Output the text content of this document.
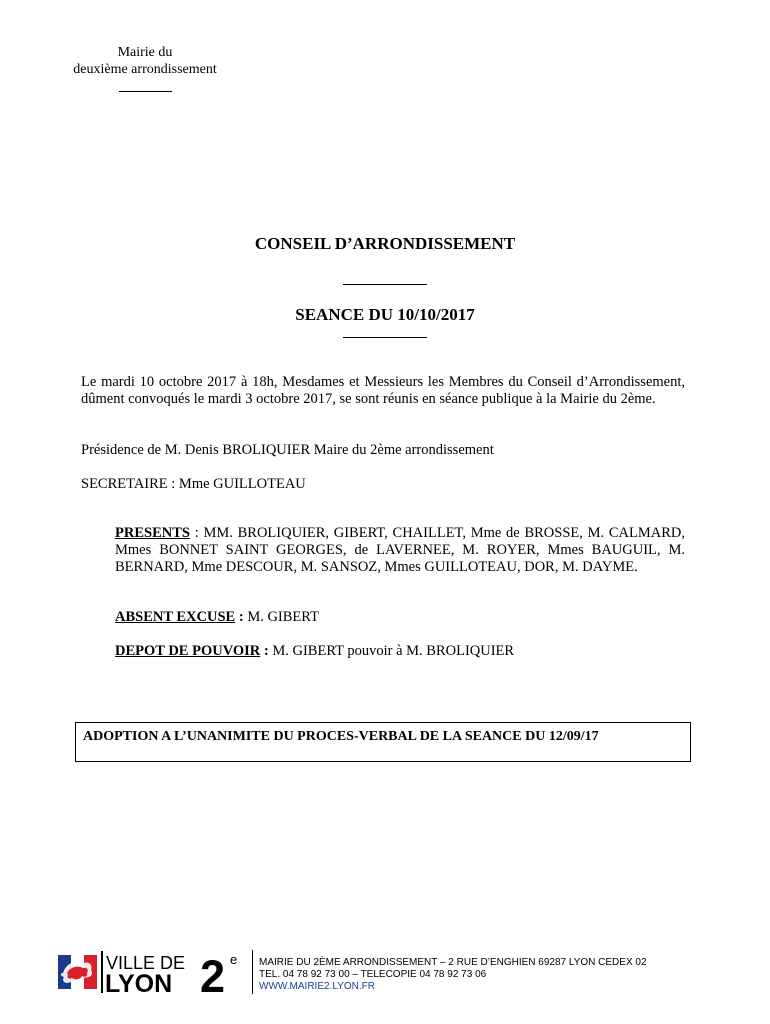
Mairie du
deuxième arrondissement
CONSEIL D’ARRONDISSEMENT
SEANCE DU 10/10/2017
Le mardi 10 octobre 2017 à 18h, Mesdames et Messieurs les Membres du Conseil d’Arrondissement, dûment convoqués le mardi 3 octobre 2017, se sont réunis en séance publique à la Mairie du 2ème.
Présidence de M. Denis BROLIQUIER Maire du 2ème arrondissement
SECRETAIRE : Mme GUILLOTEAU
PRESENTS : MM. BROLIQUIER, GIBERT, CHAILLET, Mme de BROSSE, M. CALMARD, Mmes BONNET SAINT GEORGES, de LAVERNEE, M. ROYER, Mmes BAUGUIL, M. BERNARD, Mme DESCOUR, M. SANSOZ, Mmes GUILLOTEAU, DOR, M. DAYME.
ABSENT EXCUSE : M. GIBERT
DEPOT DE POUVOIR : M. GIBERT pouvoir à M. BROLIQUIER
ADOPTION A L’UNANIMITE DU PROCES-VERBAL DE LA SEANCE DU 12/09/17
VILLE DE
LYON 2 e MAIRIE DU 2ÈME ARRONDISSEMENT – 2 RUE D’ENGHIEN 69287 LYON CEDEX 02
TEL. 04 78 92 73 00 – TELECOPIE 04 78 92 73 06
WWW.MAIRIE2.LYON.FR
